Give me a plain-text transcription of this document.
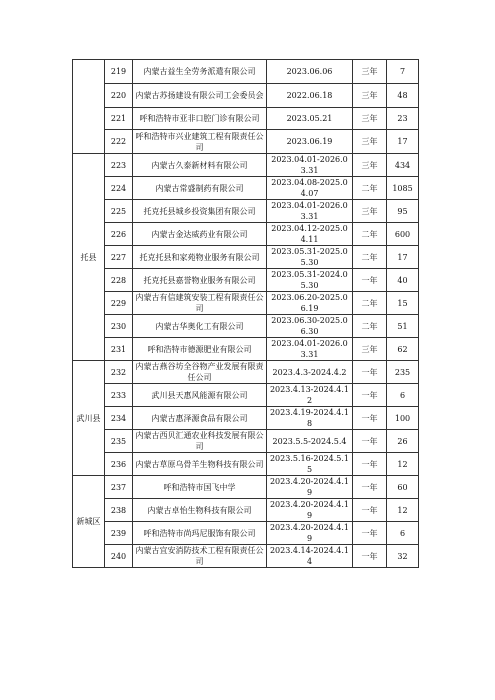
	219	内蒙古益生全劳务派遣有限公司	2023.06.06	三年	7
	220	内蒙古苏扬建设有限公司工会委员会	2022.06.18	三年	48
	221	呼和浩特市亚非口腔门诊有限公司	2023.05.21	三年	23
	222	呼和浩特市兴业建筑工程有限责任公司	2023.06.19	三年	17
托县	223	内蒙古久泰新材料有限公司	2023.04.01-2026.03.31	三年	434
	224	内蒙古常盛制药有限公司	2023.04.08-2025.04.07	二年	1085
	225	托克托县城乡投资集团有限公司	2023.04.01-2026.03.31	三年	95
	226	内蒙古金达威药业有限公司	2023.04.12-2025.04.11	二年	600
	227	托克托县和家苑物业服务有限公司	2023.05.31-2025.05.30	二年	17
	228	托克托县嘉誉物业服务有限公司	2023.05.31-2024.05.30	一年	40
	229	内蒙古有信建筑安装工程有限责任公司	2023.06.20-2025.06.19	二年	15
	230	内蒙古华奥化工有限公司	2023.06.30-2025.06.30	二年	51
	231	呼和浩特市德源肥业有限公司	2023.04.01-2026.03.31	三年	62
武川县	232	内蒙古燕谷坊全谷物产业发展有限责任公司	2023.4.3-2024.4.2	一年	235
	233	武川县天惠风能源有限公司	2023.4.13-2024.4.12	一年	6
	234	内蒙古惠泽源食品有限公司	2023.4.19-2024.4.18	一年	100
	235	内蒙古西贝汇通农业科技发展有限公司	2023.5.5-2024.5.4	一年	26
	236	内蒙古草原乌骨羊生物科技有限公司	2023.5.16-2024.5.15	一年	12
新城区	237	呼和浩特市国飞中学	2023.4.20-2024.4.19	一年	60
	238	内蒙古卓怡生物科技有限公司	2023.4.20-2024.4.19	一年	12
	239	呼和浩特市尚玛尼服饰有限公司	2023.4.20-2024.4.19	一年	6
	240	内蒙古宜安消防技术工程有限责任公司	2023.4.14-2024.4.14	一年	32
